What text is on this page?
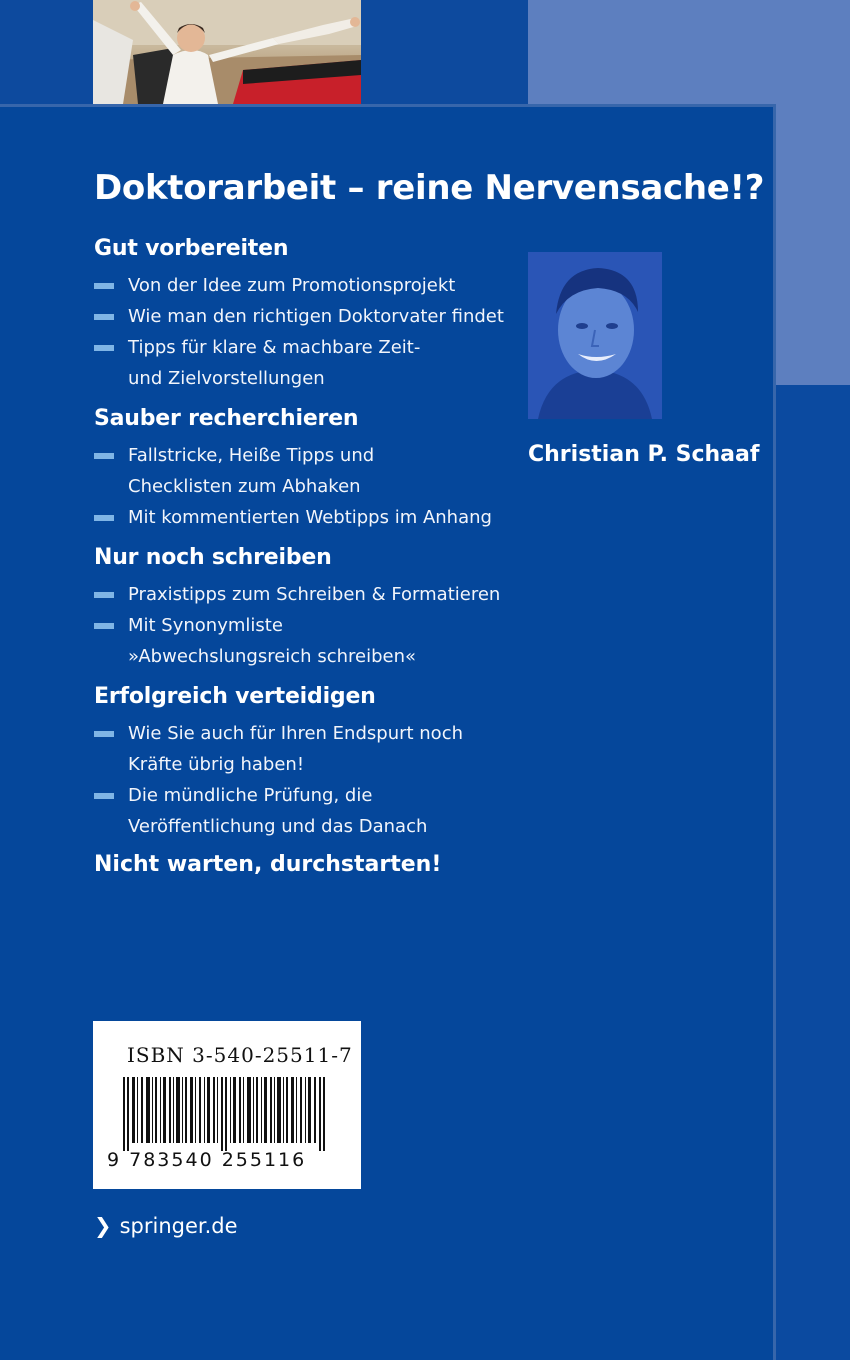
Doktorarbeit – reine Nervensache!?
Gut vorbereiten
Von der Idee zum Promotionsprojekt
Wie man den richtigen Doktorvater findet
Tipps für klare & machbare Zeit- und Zielvorstellungen
Sauber recherchieren
Fallstricke, Heiße Tipps und Checklisten zum Abhaken
Mit kommentierten Webtipps im Anhang
Nur noch schreiben
Praxistipps zum Schreiben & Formatieren
Mit Synonymliste »Abwechslungsreich schreiben«
Erfolgreich verteidigen
Wie Sie auch für Ihren Endspurt noch Kräfte übrig haben!
Die mündliche Prüfung, die Veröffentlichung und das Danach
Nicht warten, durchstarten!
Christian P. Schaaf
ISBN 3-540-25511-7
9 783540 255116
❯ springer.de
